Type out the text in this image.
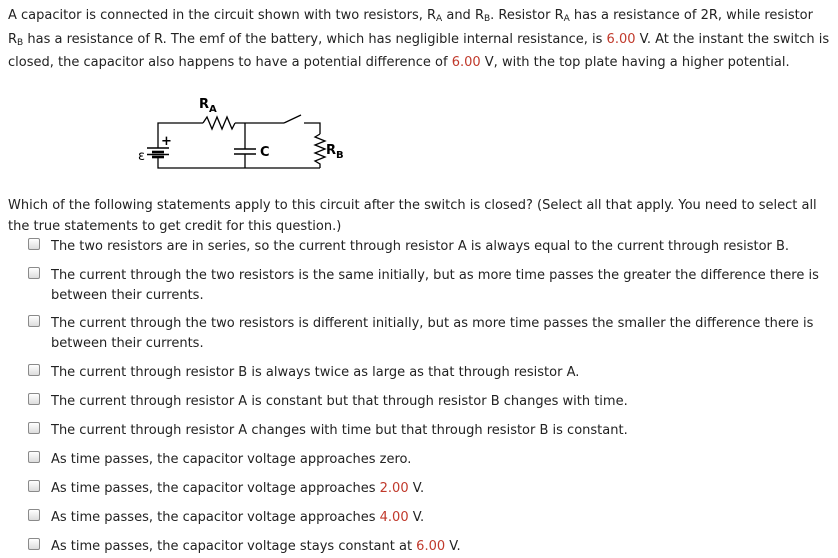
A capacitor is connected in the circuit shown with two resistors, $R_A$ and $R_B$. Resistor $R_A$ has a resistance of 2R, while resistor $R_B$ has a resistance of R. The emf of the battery, which has negligible internal resistance, is 6.00 V. At the instant the switch is closed, the capacitor also happens to have a potential difference of 6.00 V, with the top plate having a higher potential.
$R_A$
$R_B$
ε
+
C
Which of the following statements apply to this circuit after the switch is closed? (Select all that apply. You need to select all the true statements to get credit for this question.)
The two resistors are in series, so the current through resistor A is always equal to the current through resistor B.
The current through the two resistors is the same initially, but as more time passes the greater the difference there is between their currents.
The current through the two resistors is different initially, but as more time passes the smaller the difference there is between their currents.
The current through resistor B is always twice as large as that through resistor A.
The current through resistor A is constant but that through resistor B changes with time.
The current through resistor A changes with time but that through resistor B is constant.
As time passes, the capacitor voltage approaches zero.
As time passes, the capacitor voltage approaches 2.00 V.
As time passes, the capacitor voltage approaches 4.00 V.
As time passes, the capacitor voltage stays constant at 6.00 V.
